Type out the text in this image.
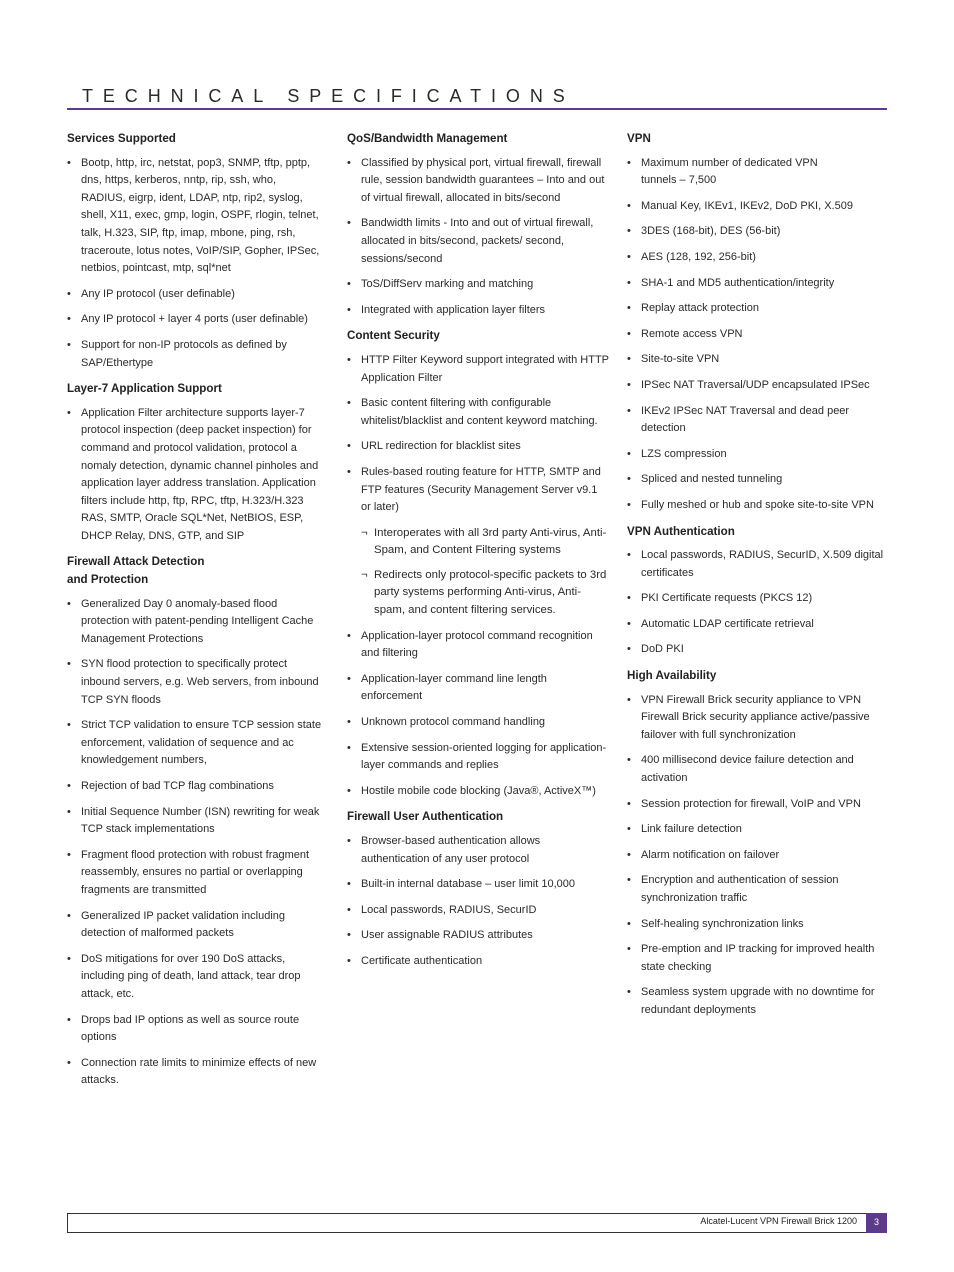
TECHNICAL SPECIFICATIONS
Services Supported
• Bootp, http, irc, netstat, pop3, SNMP, tftp, pptp, dns, https, kerberos, nntp, rip, ssh, who, RADIUS, eigrp, ident, LDAP, ntp, rip2, syslog, shell, X11, exec, gmp, login, OSPF, rlogin, telnet, talk, H.323, SIP, ftp, imap, mbone, ping, rsh, traceroute, lotus notes, VoIP/SIP, Gopher, IPSec, netbios, pointcast, mtp, sql*net
• Any IP protocol (user definable)
• Any IP protocol + layer 4 ports (user definable)
• Support for non-IP protocols as defined by SAP/Ethertype
Layer-7 Application Support
• Application Filter architecture supports layer-7 protocol inspection (deep packet inspection) for command and protocol validation, protocol a nomaly detection, dynamic channel pinholes and application layer address translation. Application filters include http, ftp, RPC, tftp, H.323/H.323 RAS, SMTP, Oracle SQL*Net, NetBIOS, ESP, DHCP Relay, DNS, GTP, and SIP
Firewall Attack Detection and Protection
• Generalized Day 0 anomaly-based flood protection with patent-pending Intelligent Cache Management Protections
• SYN flood protection to specifically protect inbound servers, e.g. Web servers, from inbound TCP SYN floods
• Strict TCP validation to ensure TCP session state enforcement, validation of sequence and ac knowledgement numbers,
• Rejection of bad TCP flag combinations
• Initial Sequence Number (ISN) rewriting for weak TCP stack implementations
• Fragment flood protection with robust fragment reassembly, ensures no partial or overlapping fragments are transmitted
• Generalized IP packet validation including detection of malformed packets
• DoS mitigations for over 190 DoS attacks, including ping of death, land attack, tear drop attack, etc.
• Drops bad IP options as well as source route options
• Connection rate limits to minimize effects of new attacks.
QoS/Bandwidth Management
• Classified by physical port, virtual firewall, firewall rule, session bandwidth guarantees – Into and out of virtual firewall, allocated in bits/second
• Bandwidth limits - Into and out of virtual firewall, allocated in bits/second, packets/ second, sessions/second
• ToS/DiffServ marking and matching
• Integrated with application layer filters
Content Security
• HTTP Filter Keyword support integrated with HTTP Application Filter
• Basic content filtering with configurable whitelist/blacklist and content keyword matching.
• URL redirection for blacklist sites
• Rules-based routing feature for HTTP, SMTP and FTP features (Security Management Server v9.1 or later)
¬ Interoperates with all 3rd party Anti-virus, Anti-Spam, and Content Filtering systems
¬ Redirects only protocol-specific packets to 3rd party systems performing Anti-virus, Anti-spam, and content filtering services.
• Application-layer protocol command recognition and filtering
• Application-layer command line length enforcement
• Unknown protocol command handling
• Extensive session-oriented logging for application-layer commands and replies
• Hostile mobile code blocking (Java®, ActiveX™)
Firewall User Authentication
• Browser-based authentication allows authentication of any user protocol
• Built-in internal database – user limit 10,000
• Local passwords, RADIUS, SecurID
• User assignable RADIUS attributes
• Certificate authentication
VPN
• Maximum number of dedicated VPN tunnels – 7,500
• Manual Key, IKEv1, IKEv2, DoD PKI, X.509
• 3DES (168-bit), DES (56-bit)
• AES (128, 192, 256-bit)
• SHA-1 and MD5 authentication/integrity
• Replay attack protection
• Remote access VPN
• Site-to-site VPN
• IPSec NAT Traversal/UDP encapsulated IPSec
• IKEv2 IPSec NAT Traversal and dead peer detection
• LZS compression
• Spliced and nested tunneling
• Fully meshed or hub and spoke site-to-site VPN
VPN Authentication
• Local passwords, RADIUS, SecurID, X.509 digital certificates
• PKI Certificate requests (PKCS 12)
• Automatic LDAP certificate retrieval
• DoD PKI
High Availability
• VPN Firewall Brick security appliance to VPN Firewall Brick security appliance active/passive failover with full synchronization
• 400 millisecond device failure detection and activation
• Session protection for firewall, VoIP and VPN
• Link failure detection
• Alarm notification on failover
• Encryption and authentication of session synchronization traffic
• Self-healing synchronization links
• Pre-emption and IP tracking for improved health state checking
• Seamless system upgrade with no downtime for redundant deployments
Alcatel-Lucent VPN Firewall Brick 1200	3
